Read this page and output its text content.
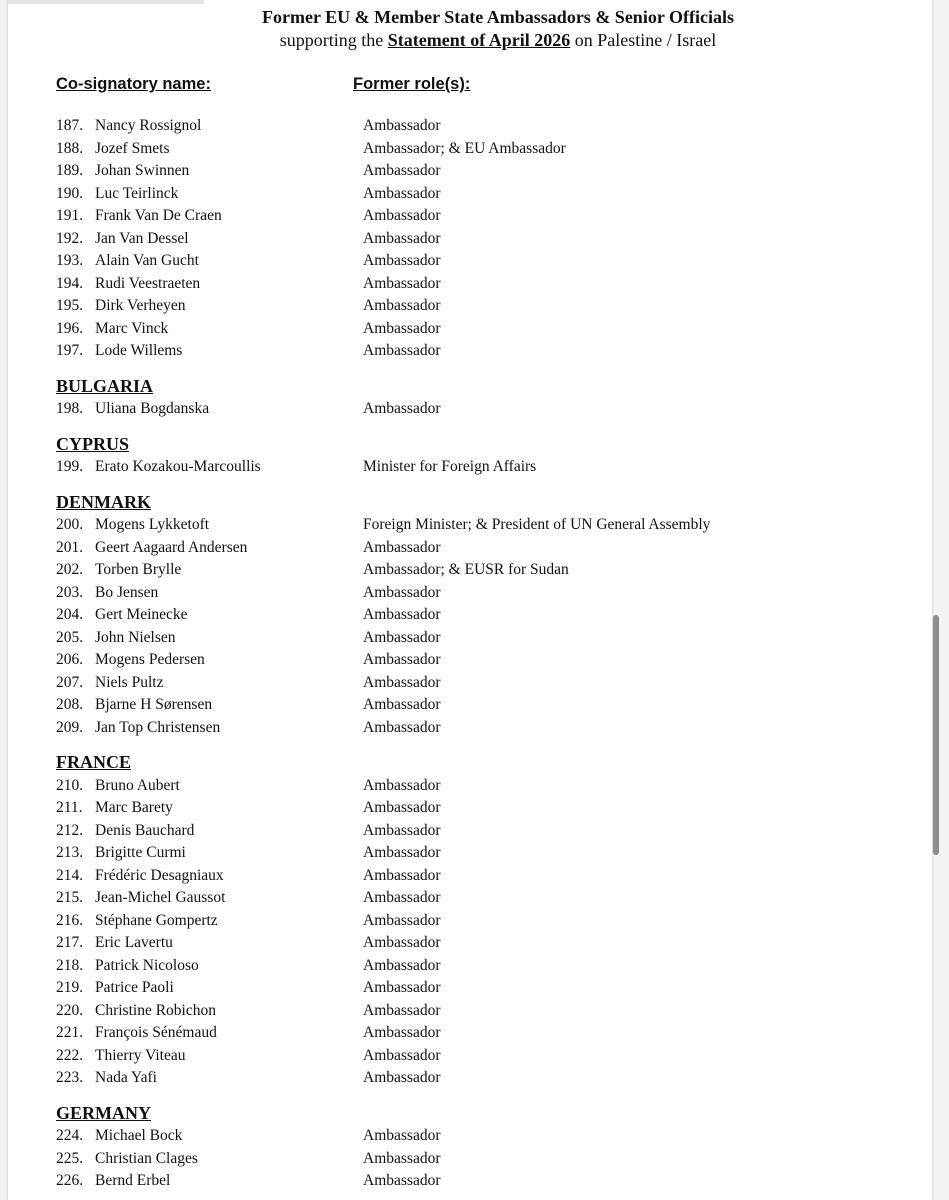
Former EU & Member State Ambassadors & Senior Officials
supporting the Statement of April 2026 on Palestine / Israel
Co-signatory name:	Former role(s):
187. Nancy Rossignol	Ambassador
188. Jozef Smets	Ambassador; & EU Ambassador
189. Johan Swinnen	Ambassador
190. Luc Teirlinck	Ambassador
191. Frank Van De Craen	Ambassador
192. Jan Van Dessel	Ambassador
193. Alain Van Gucht	Ambassador
194. Rudi Veestraeten	Ambassador
195. Dirk Verheyen	Ambassador
196. Marc Vinck	Ambassador
197. Lode Willems	Ambassador
BULGARIA
198. Uliana Bogdanska	Ambassador
CYPRUS
199. Erato Kozakou-Marcoullis	Minister for Foreign Affairs
DENMARK
200. Mogens Lykketoft	Foreign Minister; & President of UN General Assembly
201. Geert Aagaard Andersen	Ambassador
202. Torben Brylle	Ambassador; & EUSR for Sudan
203. Bo Jensen	Ambassador
204. Gert Meinecke	Ambassador
205. John Nielsen	Ambassador
206. Mogens Pedersen	Ambassador
207. Niels Pultz	Ambassador
208. Bjarne H Sørensen	Ambassador
209. Jan Top Christensen	Ambassador
FRANCE
210. Bruno Aubert	Ambassador
211. Marc Barety	Ambassador
212. Denis Bauchard	Ambassador
213. Brigitte Curmi	Ambassador
214. Frédéric Desagniaux	Ambassador
215. Jean-Michel Gaussot	Ambassador
216. Stéphane Gompertz	Ambassador
217. Eric Lavertu	Ambassador
218. Patrick Nicoloso	Ambassador
219. Patrice Paoli	Ambassador
220. Christine Robichon	Ambassador
221. François Sénémaud	Ambassador
222. Thierry Viteau	Ambassador
223. Nada Yafi	Ambassador
GERMANY
224. Michael Bock	Ambassador
225. Christian Clages	Ambassador
226. Bernd Erbel	Ambassador
